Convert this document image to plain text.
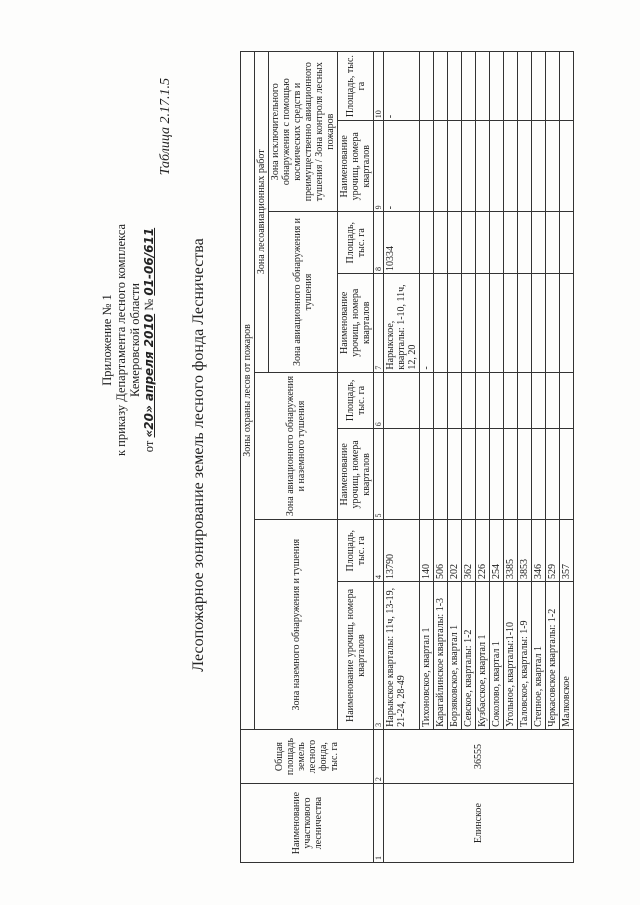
Приложение № 1 к приказу Департамента лесного комплекса Кемеровской области
от «20» апреля 2010 № 01-06/611
Таблица 2.17.1.5
Лесопожарное зонирование земель лесного фонда Лесничества
Наименование участкового лесничества	Общая площадь земель лесного фонда, тыс. га	Зоны охраны лесов от пожаров							
		Зона наземного обнаружения и тушения		Зона авиационного обнаружения и наземного тушения		Зона лесоавиационных работ			
						Зона авиационного обнаружения и тушения		Зона исключительного обнаружения с помощью космических средств и преимущественно авиационного тушения / Зона контроля лесных пожаров	
		Наименование урочищ, номера кварталов	Площадь, тыс. га	Наименование урочищ, номера кварталов	Площадь, тыс. га	Наименование урочищ, номера кварталов	Площадь, тыс. га	Наименование урочищ, номера кварталов	Площадь, тыс. га
1	2	3	4	5	6	7	8	9	10
Елинское	36555	Нарыкское кварталы: 11ч, 13-19, 21-24, 28-49	13790			Нарыкское, кварталы: 1-10, 11ч, 12, 20	10334	-	-
		Тихоновское, квартал 1	140			-			
		Карагайлинское кварталы: 1-3	506						
		Борзяковское, квартал 1	202						
		Севское, кварталы: 1-2	362						
		Кузбасское, квартал 1	226						
		Соколово, квартал 1	254						
		Угольное, кварталы:1-10	3385						
		Таловское, кварталы: 1-9	3853						
		Степное, квартал 1	346						
		Черкасовское кварталы: 1-2	529						
		Малковское	357						
